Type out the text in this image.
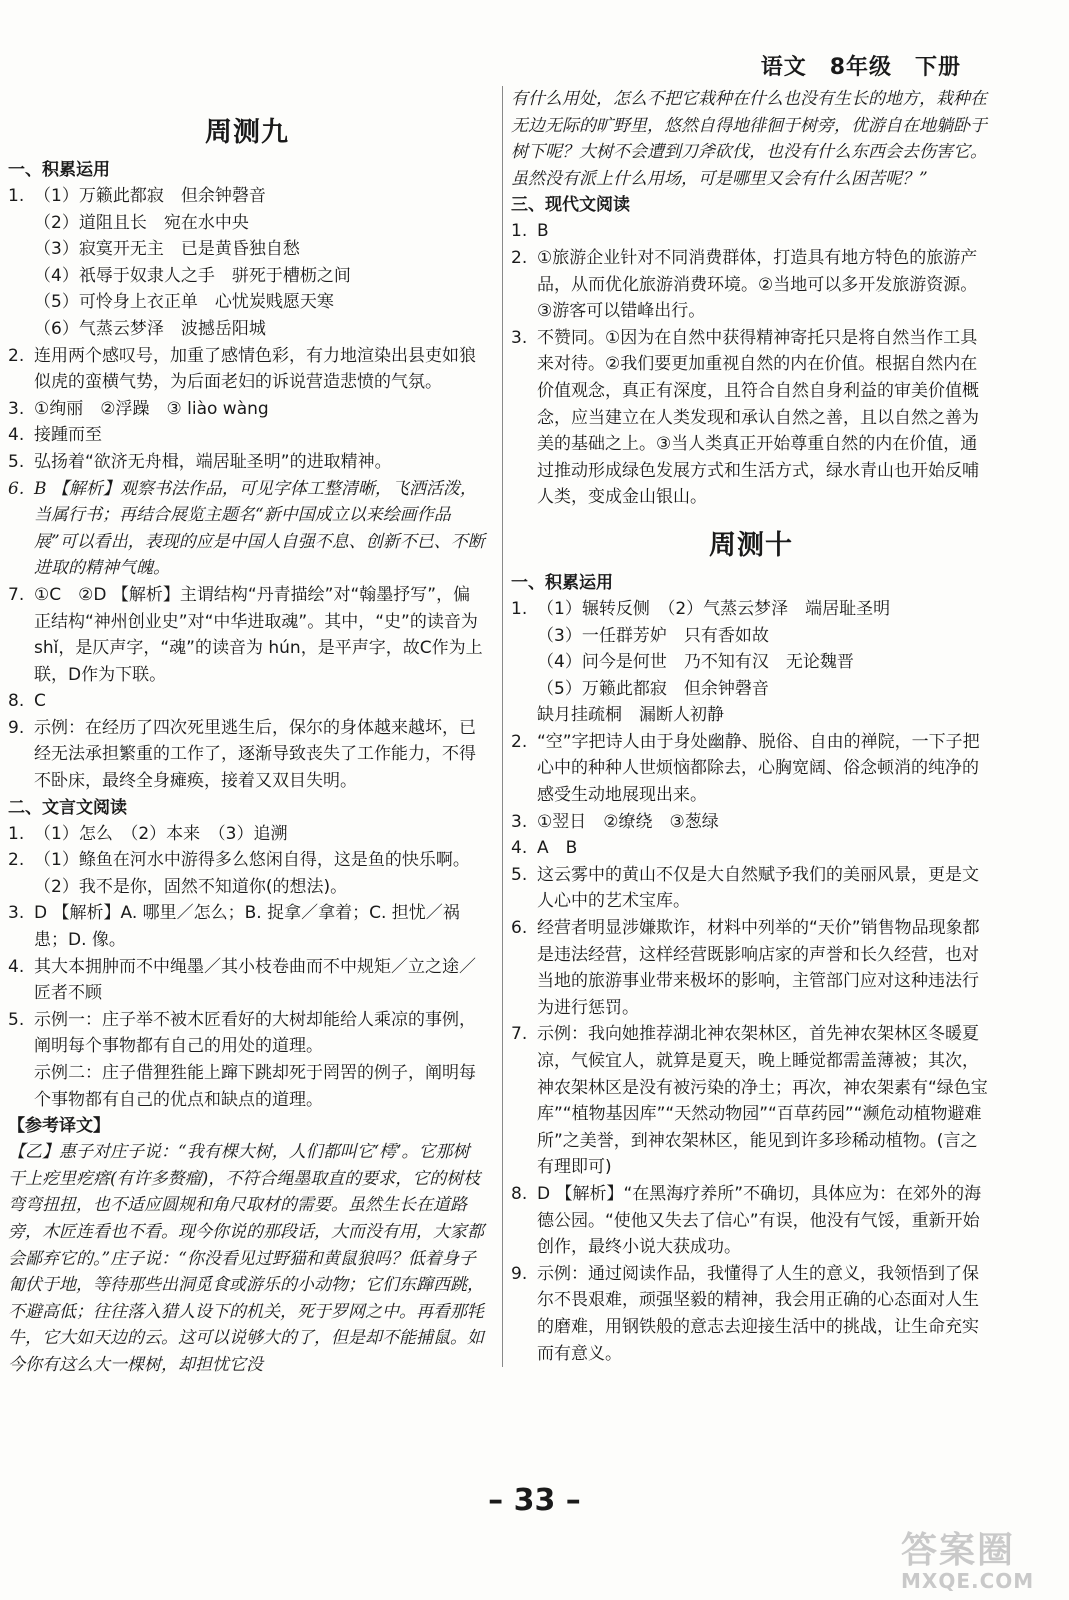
语文　8年级　下册
周测九
一、积累运用
1. （1）万籁此都寂　但余钟磬音
（2）道阻且长　宛在水中央
（3）寂寞开无主　已是黄昏独自愁
（4）祇辱于奴隶人之手　骈死于槽枥之间
（5）可怜身上衣正单　心忧炭贱愿天寒
（6）气蒸云梦泽　波撼岳阳城
2. 连用两个感叹号，加重了感情色彩，有力地渲染出县吏如狼似虎的蛮横气势，为后面老妇的诉说营造悲愤的气氛。
3. ①绚丽　②浮躁　③ liào wàng
4. 接踵而至
5. 弘扬着“欲济无舟楫，端居耻圣明”的进取精神。
6. B 【解析】观察书法作品，可见字体工整清晰，飞洒活泼，当属行书；再结合展览主题名“新中国成立以来绘画作品展”可以看出，表现的应是中国人自强不息、创新不已、不断进取的精神气魄。
7. ①C　②D 【解析】主谓结构“丹青描绘”对“翰墨抒写”，偏正结构“神州创业史”对“中华进取魂”。其中，“史”的读音为 shǐ，是仄声字，“魂”的读音为 hún，是平声字，故C作为上联，D作为下联。
8. C
9. 示例：在经历了四次死里逃生后，保尔的身体越来越坏，已经无法承担繁重的工作了，逐渐导致丧失了工作能力，不得不卧床，最终全身瘫痪，接着又双目失明。
二、文言文阅读
1. （1）怎么　（2）本来　（3）追溯
2. （1）鲦鱼在河水中游得多么悠闲自得，这是鱼的快乐啊。
（2）我不是你，固然不知道你(的想法)。
3. D 【解析】A. 哪里／怎么；B. 捉拿／拿着；C. 担忧／祸患；D. 像。
4. 其大本拥肿而不中绳墨／其小枝卷曲而不中规矩／立之途／匠者不顾
5. 示例一：庄子举不被木匠看好的大树却能给人乘凉的事例，阐明每个事物都有自己的用处的道理。
示例二：庄子借狸狌能上蹿下跳却死于罔罟的例子，阐明每个事物都有自己的优点和缺点的道理。
【参考译文】
【乙】惠子对庄子说：“我有棵大树，人们都叫它‘樗’。它那树干上疙里疙瘩(有许多赘瘤)，不符合绳墨取直的要求，它的树枝弯弯扭扭，也不适应圆规和角尺取材的需要。虽然生长在道路旁，木匠连看也不看。现今你说的那段话，大而没有用，大家都会鄙弃它的。”庄子说：“你没看见过野猫和黄鼠狼吗？低着身子匍伏于地，等待那些出洞觅食或游乐的小动物；它们东蹿西跳，不避高低；往往落入猎人设下的机关，死于罗网之中。再看那牦牛，它大如天边的云。这可以说够大的了，但是却不能捕鼠。如今你有这么大一棵树，却担忧它没
有什么用处，怎么不把它栽种在什么也没有生长的地方，栽种在无边无际的旷野里，悠然自得地徘徊于树旁，优游自在地躺卧于树下呢？大树不会遭到刀斧砍伐，也没有什么东西会去伤害它。虽然没有派上什么用场，可是哪里又会有什么困苦呢？”
三、现代文阅读
1. B
2. ①旅游企业针对不同消费群体，打造具有地方特色的旅游产品，从而优化旅游消费环境。②当地可以多开发旅游资源。③游客可以错峰出行。
3. 不赞同。①因为在自然中获得精神寄托只是将自然当作工具来对待。②我们要更加重视自然的内在价值。根据自然内在价值观念，真正有深度，且符合自然自身利益的审美价值概念，应当建立在人类发现和承认自然之善，且以自然之善为美的基础之上。③当人类真正开始尊重自然的内在价值，通过推动形成绿色发展方式和生活方式，绿水青山也开始反哺人类，变成金山银山。
周测十
一、积累运用
1. （1）辗转反侧　（2）气蒸云梦泽　端居耻圣明
（3）一任群芳妒　只有香如故
（4）问今是何世　乃不知有汉　无论魏晋
（5）万籁此都寂　但余钟磬音
缺月挂疏桐　漏断人初静
2. “空”字把诗人由于身处幽静、脱俗、自由的禅院，一下子把心中的种种人世烦恼都除去，心胸宽阔、俗念顿消的纯净的感受生动地展现出来。
3. ①翌日　②缭绕　③葱绿
4. A　B
5. 这云雾中的黄山不仅是大自然赋予我们的美丽风景，更是文人心中的艺术宝库。
6. 经营者明显涉嫌欺诈，材料中列举的“天价”销售物品现象都是违法经营，这样经营既影响店家的声誉和长久经营，也对当地的旅游事业带来极坏的影响，主管部门应对这种违法行为进行惩罚。
7. 示例：我向她推荐湖北神农架林区，首先神农架林区冬暖夏凉，气候宜人，就算是夏天，晚上睡觉都需盖薄被；其次，神农架林区是没有被污染的净土；再次，神农架素有“绿色宝库”“植物基因库”“天然动物园”“百草药园”“濒危动植物避难所”之美誉，到神农架林区，能见到许多珍稀动植物。(言之有理即可)
8. D 【解析】“在黑海疗养所”不确切，具体应为：在郊外的海德公园。“使他又失去了信心”有误，他没有气馁，重新开始创作，最终小说大获成功。
9. 示例：通过阅读作品，我懂得了人生的意义，我领悟到了保尔不畏艰难，顽强坚毅的精神，我会用正确的心态面对人生的磨难，用钢铁般的意志去迎接生活中的挑战，让生命充实而有意义。
– 33 –
答案圈
MXQE.COM
